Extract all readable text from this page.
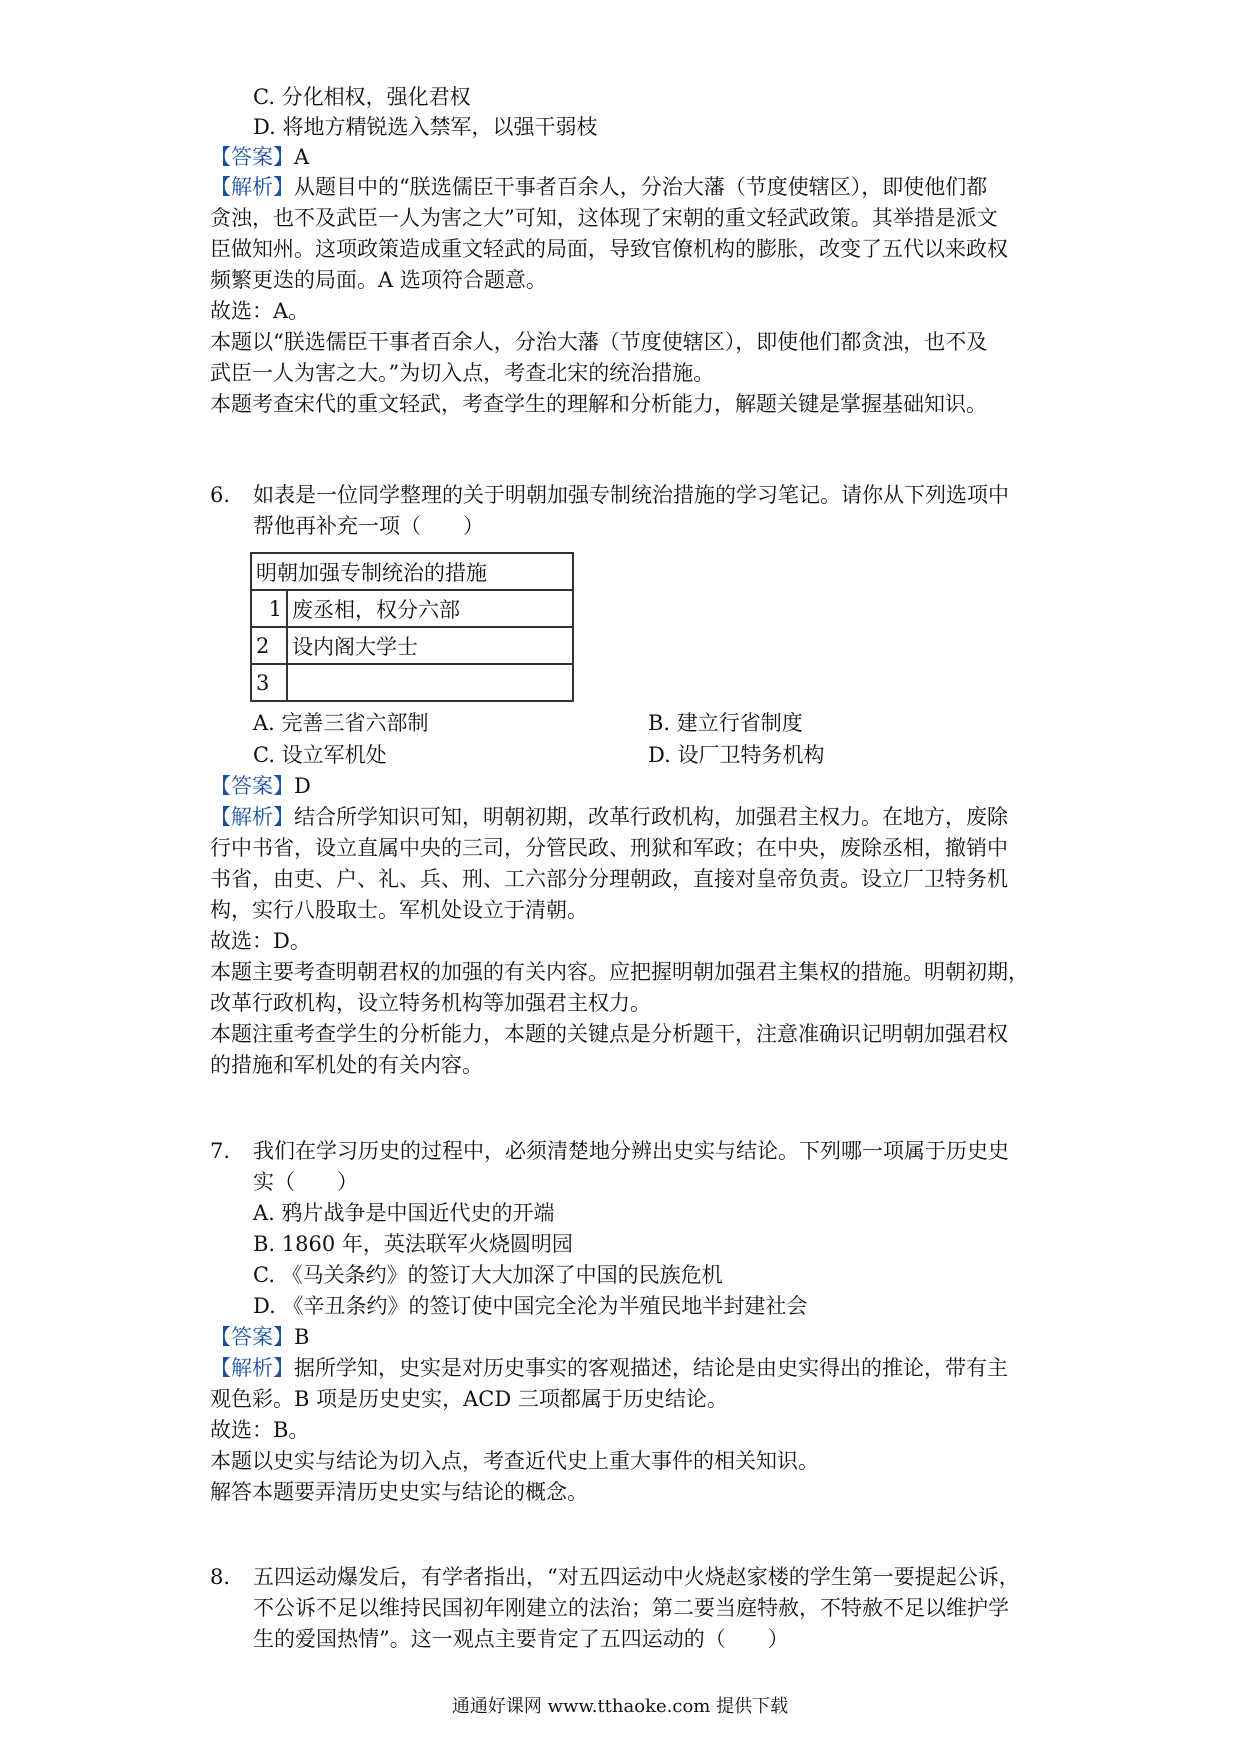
C. 分化相权，强化君权
D. 将地方精锐选入禁军，以强干弱枝
【答案】A
【解析】从题目中的“朕选儒臣干事者百余人，分治大藩（节度使辖区），即使他们都
贪浊，也不及武臣一人为害之大”可知，这体现了宋朝的重文轻武政策。其举措是派文
臣做知州。这项政策造成重文轻武的局面，导致官僚机构的膨胀，改变了五代以来政权
频繁更迭的局面。A 选项符合题意。
故选：A。
本题以“朕选儒臣干事者百余人，分治大藩（节度使辖区），即使他们都贪浊，也不及
武臣一人为害之大。”为切入点，考查北宋的统治措施。
本题考查宋代的重文轻武，考查学生的理解和分析能力，解题关键是掌握基础知识。
6.	如表是一位同学整理的关于明朝加强专制统治措施的学习笔记。请你从下列选项中
帮他再补充一项（　　）
明朝加强专制统治的措施	
1	废丞相，权分六部
2	设内阁大学士
3	
A. 完善三省六部制	B. 建立行省制度
C. 设立军机处	D. 设厂卫特务机构
【答案】D
【解析】结合所学知识可知，明朝初期，改革行政机构，加强君主权力。在地方，废除
行中书省，设立直属中央的三司，分管民政、刑狱和军政；在中央，废除丞相，撤销中
书省，由吏、户、礼、兵、刑、工六部分分理朝政，直接对皇帝负责。设立厂卫特务机
构，实行八股取士。军机处设立于清朝。
故选：D。
本题主要考查明朝君权的加强的有关内容。应把握明朝加强君主集权的措施。明朝初期，
改革行政机构，设立特务机构等加强君主权力。
本题注重考查学生的分析能力，本题的关键点是分析题干，注意准确识记明朝加强君权
的措施和军机处的有关内容。
7.	我们在学习历史的过程中，必须清楚地分辨出史实与结论。下列哪一项属于历史史
实（　　）
A. 鸦片战争是中国近代史的开端
B. 1860 年，英法联军火烧圆明园
C. 《马关条约》的签订大大加深了中国的民族危机
D. 《辛丑条约》的签订使中国完全沦为半殖民地半封建社会
【答案】B
【解析】据所学知，史实是对历史事实的客观描述，结论是由史实得出的推论，带有主
观色彩。B 项是历史史实，ACD 三项都属于历史结论。
故选：B。
本题以史实与结论为切入点，考查近代史上重大事件的相关知识。
解答本题要弄清历史史实与结论的概念。
8.	五四运动爆发后，有学者指出，“对五四运动中火烧赵家楼的学生第一要提起公诉，
不公诉不足以维持民国初年刚建立的法治；第二要当庭特赦，不特赦不足以维护学
生的爱国热情”。这一观点主要肯定了五四运动的（　　）
通通好课网 www.tthaoke.com 提供下载
